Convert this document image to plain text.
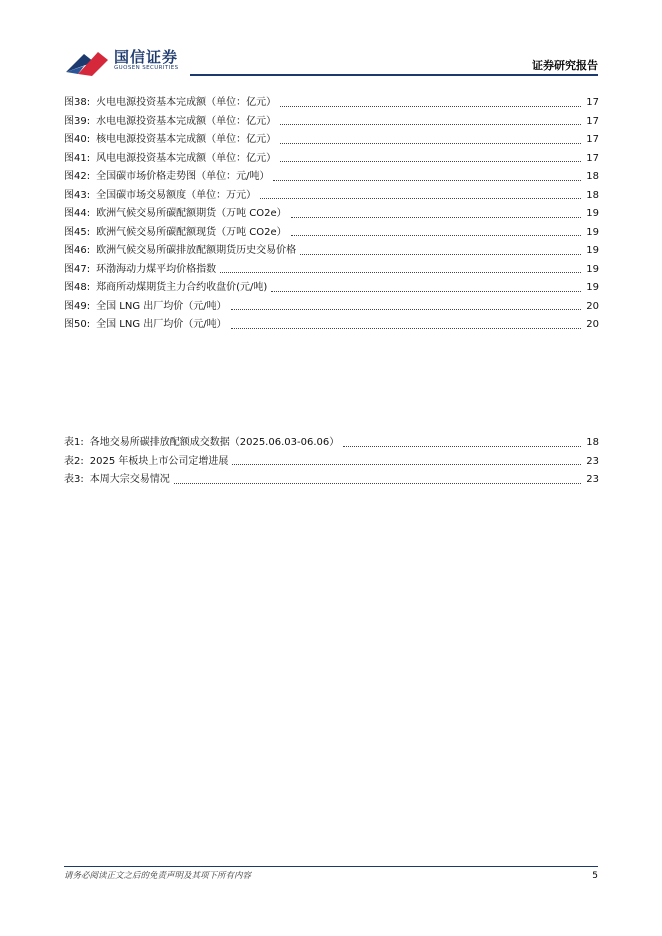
国信证券
GUOSEN SECURITIES	证券研究报告
图38: 火电电源投资基本完成额（单位：亿元）	17
图39: 水电电源投资基本完成额（单位：亿元）	17
图40: 核电电源投资基本完成额（单位：亿元）	17
图41: 风电电源投资基本完成额（单位：亿元）	17
图42: 全国碳市场价格走势图（单位：元/吨）	18
图43: 全国碳市场交易额度（单位：万元）	18
图44: 欧洲气候交易所碳配额期货（万吨 CO2e）	19
图45: 欧洲气候交易所碳配额现货（万吨 CO2e）	19
图46: 欧洲气候交易所碳排放配额期货历史交易价格	19
图47: 环渤海动力煤平均价格指数	19
图48: 郑商所动煤期货主力合约收盘价(元/吨)	19
图49: 全国 LNG 出厂均价（元/吨）	20
图50: 全国 LNG 出厂均价（元/吨）	20
表1: 各地交易所碳排放配额成交数据（2025.06.03-06.06）	18
表2: 2025 年板块上市公司定增进展	23
表3: 本周大宗交易情况	23
请务必阅读正文之后的免责声明及其项下所有内容	5
